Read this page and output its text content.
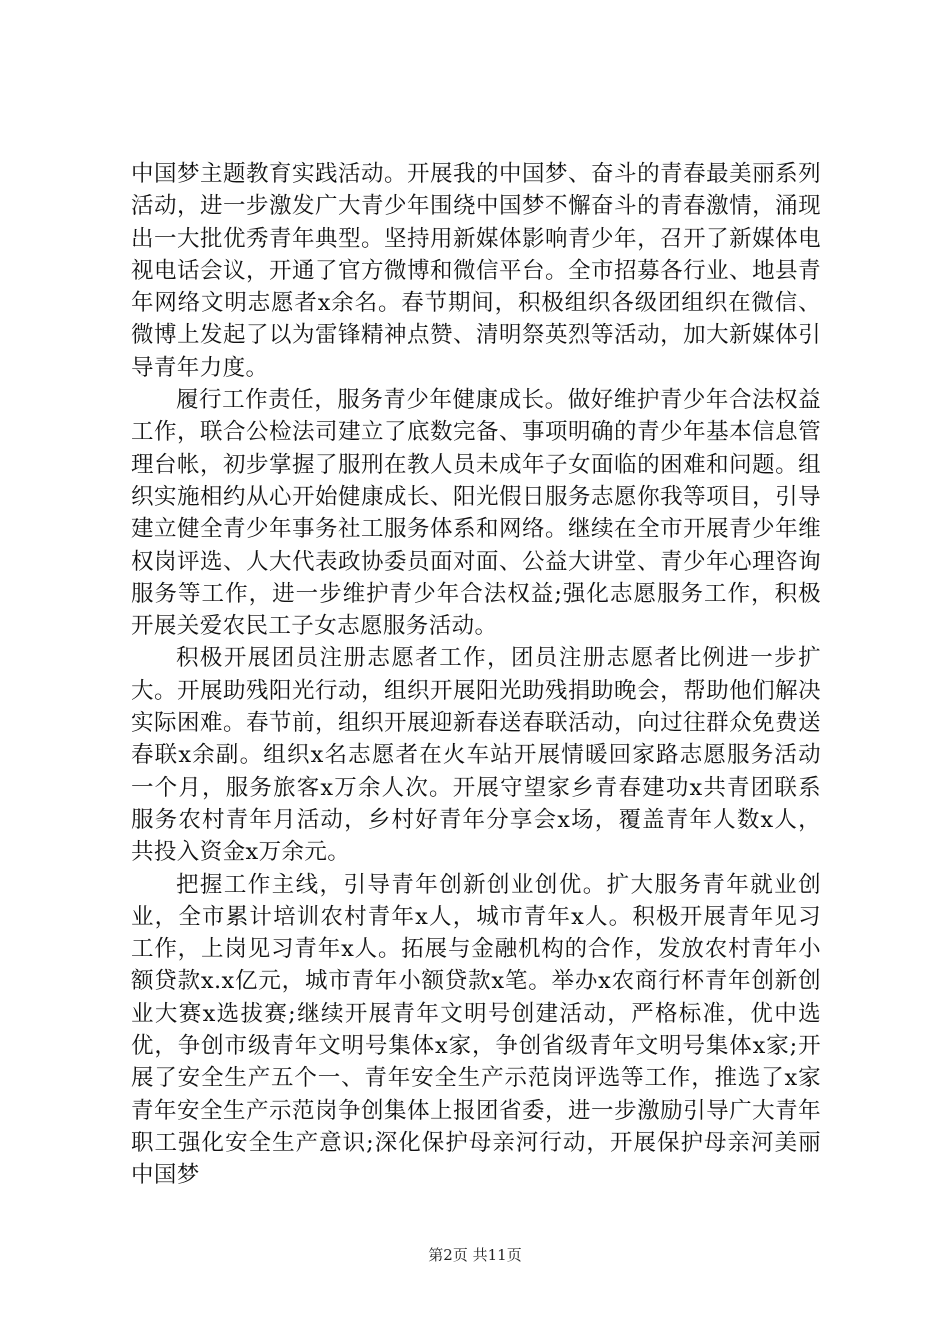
中国梦主题教育实践活动。开展我的中国梦、奋斗的青春最美丽系列活动，进一步激发广大青少年围绕中国梦不懈奋斗的青春激情，涌现出一大批优秀青年典型。坚持用新媒体影响青少年，召开了新媒体电视电话会议，开通了官方微博和微信平台。全市招募各行业、地县青年网络文明志愿者x余名。春节期间，积极组织各级团组织在微信、微博上发起了以为雷锋精神点赞、清明祭英烈等活动，加大新媒体引导青年力度。

履行工作责任，服务青少年健康成长。做好维护青少年合法权益工作，联合公检法司建立了底数完备、事项明确的青少年基本信息管理台帐，初步掌握了服刑在教人员未成年子女面临的困难和问题。组织实施相约从心开始健康成长、阳光假日服务志愿你我等项目，引导建立健全青少年事务社工服务体系和网络。继续在全市开展青少年维权岗评选、人大代表政协委员面对面、公益大讲堂、青少年心理咨询服务等工作，进一步维护青少年合法权益;强化志愿服务工作，积极开展关爱农民工子女志愿服务活动。

积极开展团员注册志愿者工作，团员注册志愿者比例进一步扩大。开展助残阳光行动，组织开展阳光助残捐助晚会，帮助他们解决实际困难。春节前，组织开展迎新春送春联活动，向过往群众免费送春联x余副。组织x名志愿者在火车站开展情暖回家路志愿服务活动一个月，服务旅客x万余人次。开展守望家乡青春建功x共青团联系服务农村青年月活动，乡村好青年分享会x场，覆盖青年人数x人，共投入资金x万余元。

把握工作主线，引导青年创新创业创优。扩大服务青年就业创业，全市累计培训农村青年x人，城市青年x人。积极开展青年见习工作，上岗见习青年x人。拓展与金融机构的合作，发放农村青年小额贷款x.x亿元，城市青年小额贷款x笔。举办x农商行杯青年创新创业大赛x选拔赛;继续开展青年文明号创建活动，严格标准，优中选优，争创市级青年文明号集体x家，争创省级青年文明号集体x家;开展了安全生产五个一、青年安全生产示范岗评选等工作，推选了x家青年安全生产示范岗争创集体上报团省委，进一步激励引导广大青年职工强化安全生产意识;深化保护母亲河行动，开展保护母亲河美丽中国梦

第2页 共11页
